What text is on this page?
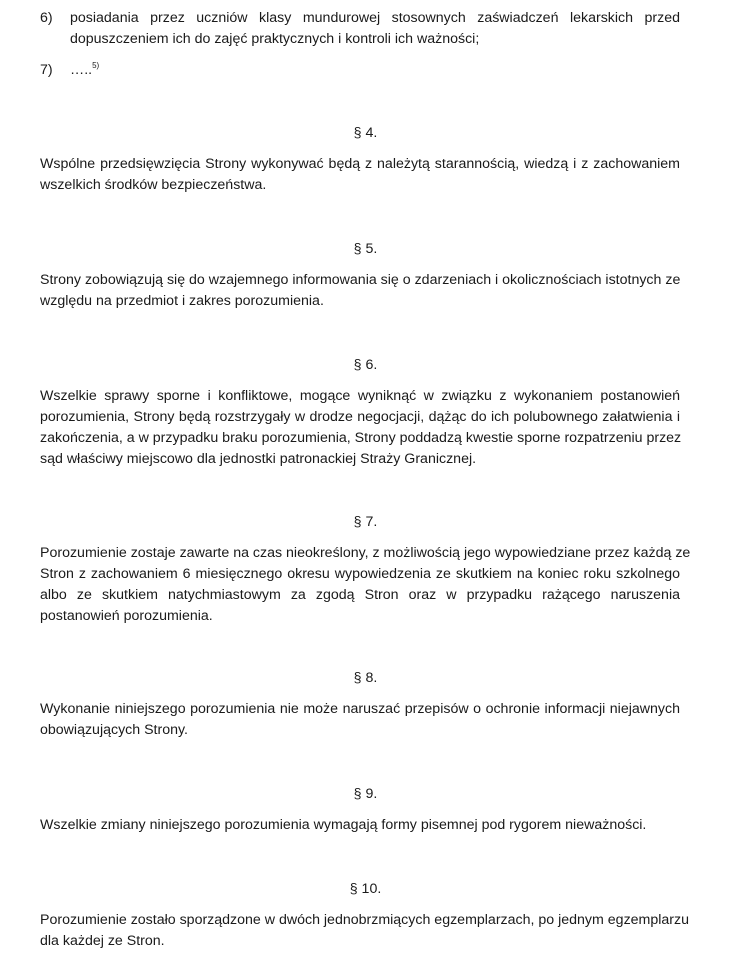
6)	posiadania przez uczniów klasy mundurowej stosownych zaświadczeń lekarskich przed
dopuszczeniem ich do zajęć praktycznych i kontroli ich ważności;
7)	…..$^{5)}$
§ 4.
Wspólne przedsięwzięcia Strony wykonywać będą z należytą starannością, wiedzą i z zachowaniem
wszelkich środków bezpieczeństwa.
§ 5.
Strony zobowiązują się do wzajemnego informowania się o zdarzeniach i okolicznościach istotnych ze
względu na przedmiot i zakres porozumienia.
§ 6.
Wszelkie sprawy sporne i konfliktowe, mogące wyniknąć w związku z wykonaniem postanowień
porozumienia, Strony będą rozstrzygały w drodze negocjacji, dążąc do ich polubownego załatwienia i
zakończenia, a w przypadku braku porozumienia, Strony poddadzą kwestie sporne rozpatrzeniu przez
sąd właściwy miejscowo dla jednostki patronackiej Straży Granicznej.
§ 7.
Porozumienie zostaje zawarte na czas nieokreślony, z możliwością jego wypowiedziane przez każdą ze
Stron z zachowaniem 6 miesięcznego okresu wypowiedzenia ze skutkiem na koniec roku szkolnego
albo ze skutkiem natychmiastowym za zgodą Stron oraz w przypadku rażącego naruszenia
postanowień porozumienia.
§ 8.
Wykonanie niniejszego porozumienia nie może naruszać przepisów o ochronie informacji niejawnych
obowiązujących Strony.
§ 9.
Wszelkie zmiany niniejszego porozumienia wymagają formy pisemnej pod rygorem nieważności.
§ 10.
Porozumienie zostało sporządzone w dwóch jednobrzmiących egzemplarzach, po jednym egzemplarzu
dla każdej ze Stron.
